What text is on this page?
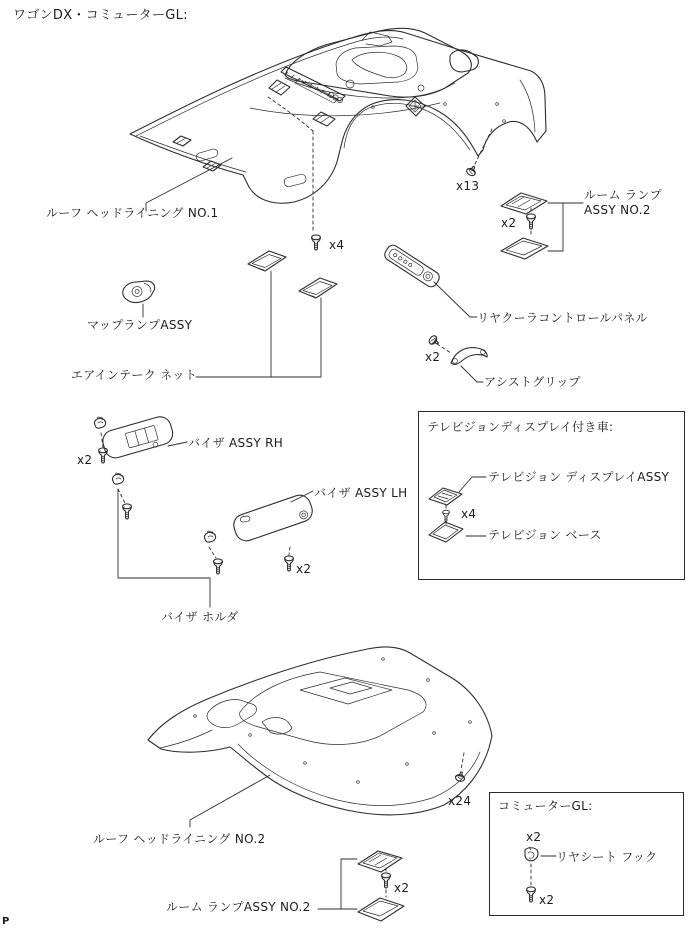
ワゴンDX・コミューターGL:
ルーフ ヘッドライニング NO.1
x13
ルーム ランプ
ASSY NO.2
x2
x4
マップランプASSY
エアインテーク ネット
リヤクーラコントロールパネル
x2
アシストグリップ
バイザ ASSY RH
x2
バイザ ASSY LH
x2
バイザ ホルダ
テレビジョンディスプレイ付き車:
テレビジョン ディスプレイASSY
x4
テレビジョン ベース
ルーフ ヘッドライニング NO.2
x24
ルーム ランプASSY NO.2
x2
コミューターGL:
x2
リヤシート フック
x2
P
